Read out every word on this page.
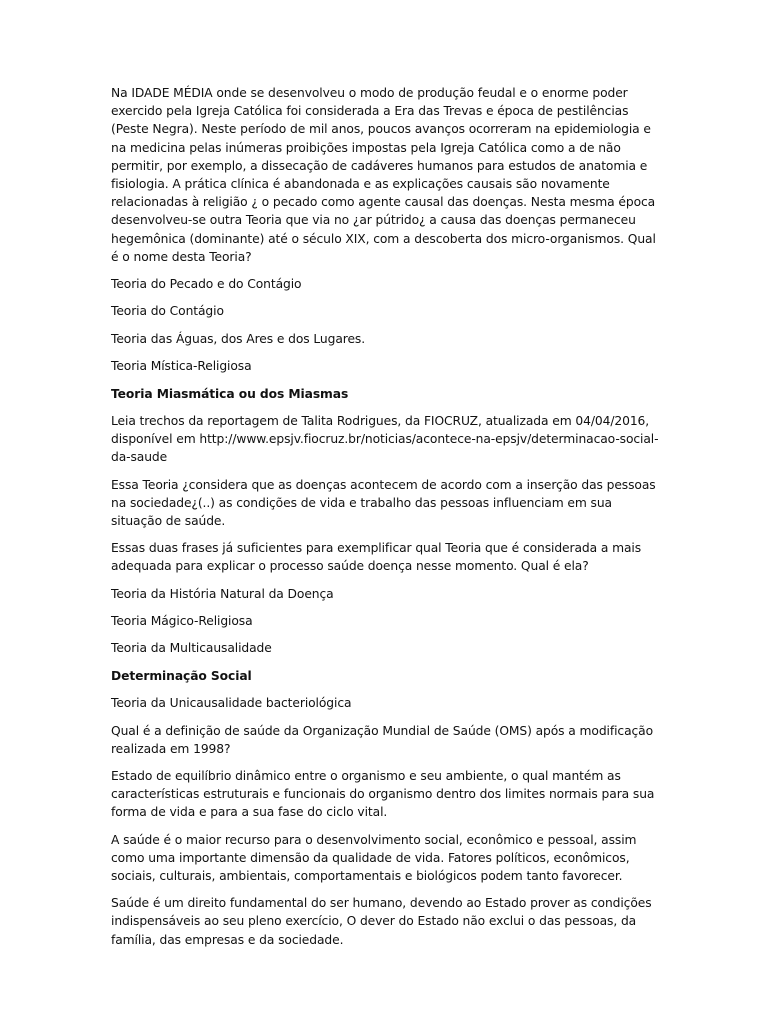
Na IDADE MÉDIA onde se desenvolveu o modo de produção feudal e o enorme poder exercido pela Igreja Católica foi considerada a Era das Trevas e época de pestilências (Peste Negra). Neste período de mil anos, poucos avanços ocorreram na epidemiologia e na medicina pelas inúmeras proibições impostas pela Igreja Católica como a de não permitir, por exemplo, a dissecação de cadáveres humanos para estudos de anatomia e fisiologia. A prática clínica é abandonada e as explicações causais são novamente relacionadas à religião ¿ o pecado como agente causal das doenças. Nesta mesma época desenvolveu-se outra Teoria que via no ¿ar pútrido¿ a causa das doenças permaneceu hegemônica (dominante) até o século XIX, com a descoberta dos micro-organismos. Qual é o nome desta Teoria?

Teoria do Pecado e do Contágio

Teoria do Contágio

Teoria das Águas, dos Ares e dos Lugares.

Teoria Mística-Religiosa

Teoria Miasmática ou dos Miasmas

Leia trechos da reportagem de Talita Rodrigues, da FIOCRUZ, atualizada em 04/04/2016, disponível em http://www.epsjv.fiocruz.br/noticias/acontece-na-epsjv/determinacao-social-da-saude

Essa Teoria ¿considera que as doenças acontecem de acordo com a inserção das pessoas na sociedade¿(..) as condições de vida e trabalho das pessoas influenciam em sua situação de saúde.

Essas duas frases já suficientes para exemplificar qual Teoria que é considerada a mais adequada para explicar o processo saúde doença nesse momento. Qual é ela?

Teoria da História Natural da Doença

Teoria Mágico-Religiosa

Teoria da Multicausalidade

Determinação Social

Teoria da Unicausalidade bacteriológica

Qual é a definição de saúde da Organização Mundial de Saúde (OMS) após a modificação realizada em 1998?

Estado de equilíbrio dinâmico entre o organismo e seu ambiente, o qual mantém as características estruturais e funcionais do organismo dentro dos limites normais para sua forma de vida e para a sua fase do ciclo vital.

A saúde é o maior recurso para o desenvolvimento social, econômico e pessoal, assim como uma importante dimensão da qualidade de vida. Fatores políticos, econômicos, sociais, culturais, ambientais, comportamentais e biológicos podem tanto favorecer.

Saúde é um direito fundamental do ser humano, devendo ao Estado prover as condições indispensáveis ao seu pleno exercício, O dever do Estado não exclui o das pessoas, da família, das empresas e da sociedade.
